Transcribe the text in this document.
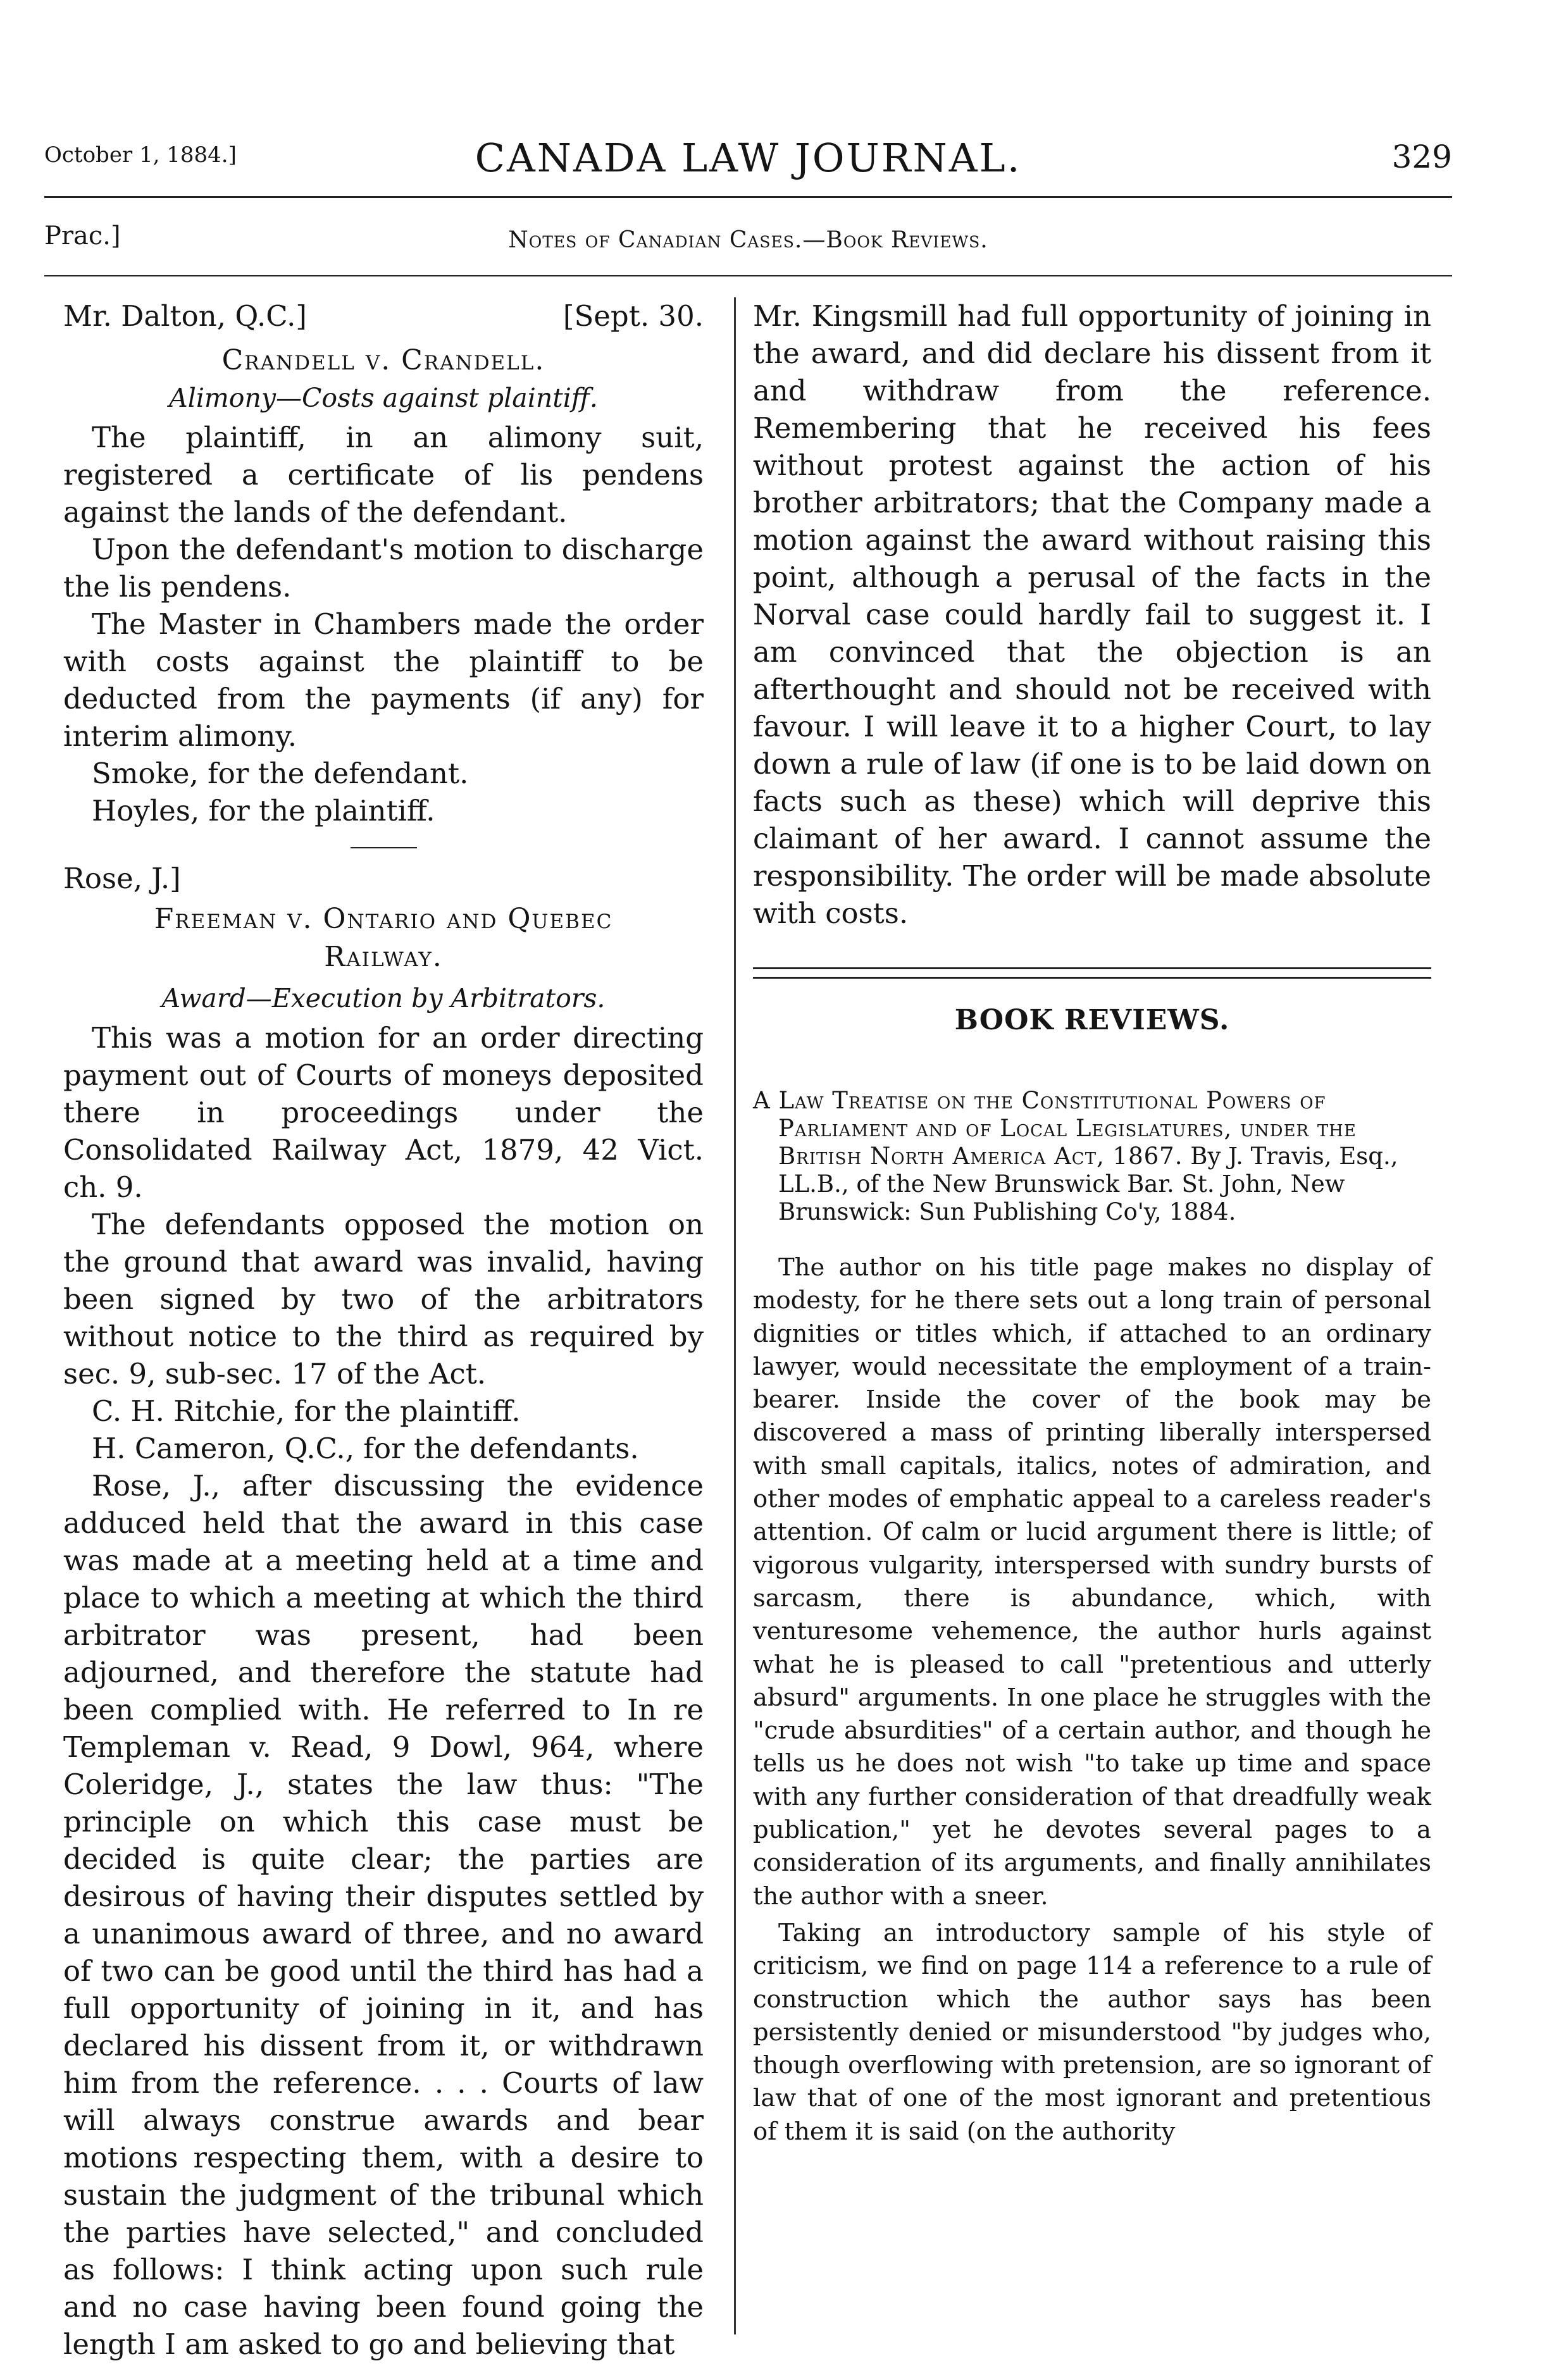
October 1, 1884.]	CANADA LAW JOURNAL.	329
Prac.]	Notes of Canadian Cases.—Book Reviews.
Mr. Dalton, Q.C.]	[Sept. 30.
Crandell v. Crandell.
Alimony—Costs against plaintiff.

The plaintiff, in an alimony suit, registered a certificate of lis pendens against the lands of the defendant.

Upon the defendant's motion to discharge the lis pendens.

The Master in Chambers made the order with costs against the plaintiff to be deducted from the payments (if any) for interim alimony.

Smoke, for the defendant.

Hoyles, for the plaintiff.

Rose, J.]
Freeman v. Ontario and Quebec
Railway.
Award—Execution by Arbitrators.

This was a motion for an order directing payment out of Courts of moneys deposited there in proceedings under the Consolidated Railway Act, 1879, 42 Vict. ch. 9.

The defendants opposed the motion on the ground that award was invalid, having been signed by two of the arbitrators without notice to the third as required by sec. 9, sub-sec. 17 of the Act.

C. H. Ritchie, for the plaintiff.

H. Cameron, Q.C., for the defendants.

Rose, J., after discussing the evidence adduced held that the award in this case was made at a meeting held at a time and place to which a meeting at which the third arbitrator was present, had been adjourned, and therefore the statute had been complied with. He referred to In re Templeman v. Read, 9 Dowl, 964, where Coleridge, J., states the law thus: "The principle on which this case must be decided is quite clear; the parties are desirous of having their disputes settled by a unanimous award of three, and no award of two can be good until the third has had a full opportunity of joining in it, and has declared his dissent from it, or withdrawn him from the reference. . . . Courts of law will always construe awards and bear motions respecting them, with a desire to sustain the judgment of the tribunal which the parties have selected," and concluded as follows: I think acting upon such rule and no case having been found going the length I am asked to go and believing that

Mr. Kingsmill had full opportunity of joining in the award, and did declare his dissent from it and withdraw from the reference. Remembering that he received his fees without protest against the action of his brother arbitrators; that the Company made a motion against the award without raising this point, although a perusal of the facts in the Norval case could hardly fail to suggest it. I am convinced that the objection is an afterthought and should not be received with favour. I will leave it to a higher Court, to lay down a rule of law (if one is to be laid down on facts such as these) which will deprive this claimant of her award. I cannot assume the responsibility. The order will be made absolute with costs.

BOOK REVIEWS.
A Law Treatise on the Constitutional Powers of Parliament and of Local Legislatures, under the British North America Act, 1867. By J. Travis, Esq., LL.B., of the New Brunswick Bar. St. John, New Brunswick: Sun Publishing Co'y, 1884.

The author on his title page makes no display of modesty, for he there sets out a long train of personal dignities or titles which, if attached to an ordinary lawyer, would necessitate the employment of a train-bearer. Inside the cover of the book may be discovered a mass of printing liberally interspersed with small capitals, italics, notes of admiration, and other modes of emphatic appeal to a careless reader's attention. Of calm or lucid argument there is little; of vigorous vulgarity, interspersed with sundry bursts of sarcasm, there is abundance, which, with venturesome vehemence, the author hurls against what he is pleased to call "pretentious and utterly absurd" arguments. In one place he struggles with the "crude absurdities" of a certain author, and though he tells us he does not wish "to take up time and space with any further consideration of that dreadfully weak publication," yet he devotes several pages to a consideration of its arguments, and finally annihilates the author with a sneer.

Taking an introductory sample of his style of criticism, we find on page 114 a reference to a rule of construction which the author says has been persistently denied or misunderstood "by judges who, though overflowing with pretension, are so ignorant of law that of one of the most ignorant and pretentious of them it is said (on the authority
